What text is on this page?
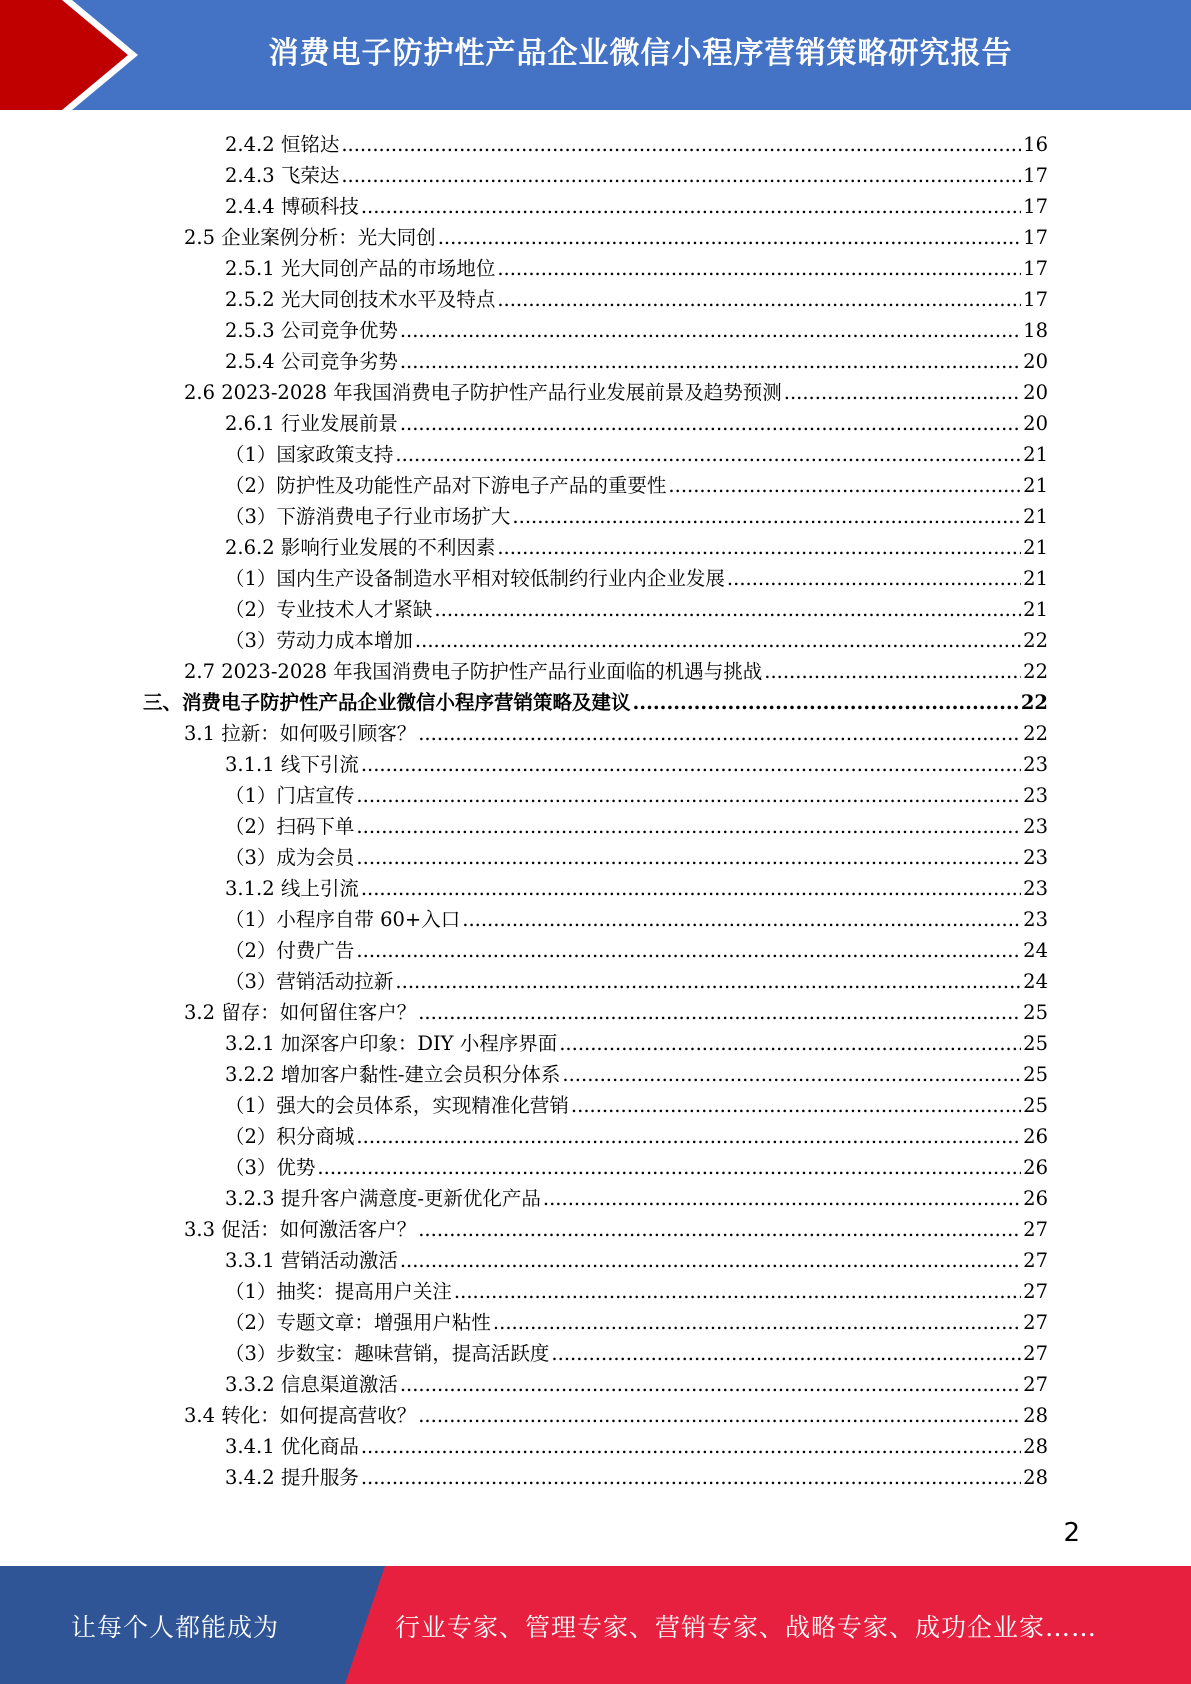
消费电子防护性产品企业微信小程序营销策略研究报告
2.4.2 恒铭达 .....	16
2.4.3 飞荣达 .....	17
2.4.4 博硕科技 .....	17
2.5 企业案例分析：光大同创 .....	17
2.5.1 光大同创产品的市场地位 .....	17
2.5.2 光大同创技术水平及特点 .....	17
2.5.3 公司竞争优势 .....	18
2.5.4 公司竞争劣势 .....	20
2.6 2023-2028 年我国消费电子防护性产品行业发展前景及趋势预测 .....	20
2.6.1 行业发展前景 .....	20
（1）国家政策支持 .....	21
（2）防护性及功能性产品对下游电子产品的重要性 .....	21
（3）下游消费电子行业市场扩大 .....	21
2.6.2 影响行业发展的不利因素 .....	21
（1）国内生产设备制造水平相对较低制约行业内企业发展 .....	21
（2）专业技术人才紧缺 .....	21
（3）劳动力成本增加 .....	22
2.7 2023-2028 年我国消费电子防护性产品行业面临的机遇与挑战 .....	22
三、消费电子防护性产品企业微信小程序营销策略及建议 .....	22
3.1 拉新：如何吸引顾客？ .....	22
3.1.1 线下引流 .....	23
（1）门店宣传 .....	23
（2）扫码下单 .....	23
（3）成为会员 .....	23
3.1.2 线上引流 .....	23
（1）小程序自带 60+入口 .....	23
（2）付费广告 .....	24
（3）营销活动拉新 .....	24
3.2 留存：如何留住客户？ .....	25
3.2.1 加深客户印象：DIY 小程序界面 .....	25
3.2.2 增加客户黏性-建立会员积分体系 .....	25
（1）强大的会员体系，实现精准化营销 .....	25
（2）积分商城 .....	26
（3）优势 .....	26
3.2.3 提升客户满意度-更新优化产品 .....	26
3.3 促活：如何激活客户？ .....	27
3.3.1 营销活动激活 .....	27
（1）抽奖：提高用户关注 .....	27
（2）专题文章：增强用户粘性 .....	27
（3）步数宝：趣味营销，提高活跃度 .....	27
3.3.2 信息渠道激活 .....	27
3.4 转化：如何提高营收？ .....	28
3.4.1 优化商品 .....	28
3.4.2 提升服务 .....	28
2
让每个人都能成为	行业专家、管理专家、营销专家、战略专家、成功企业家……
